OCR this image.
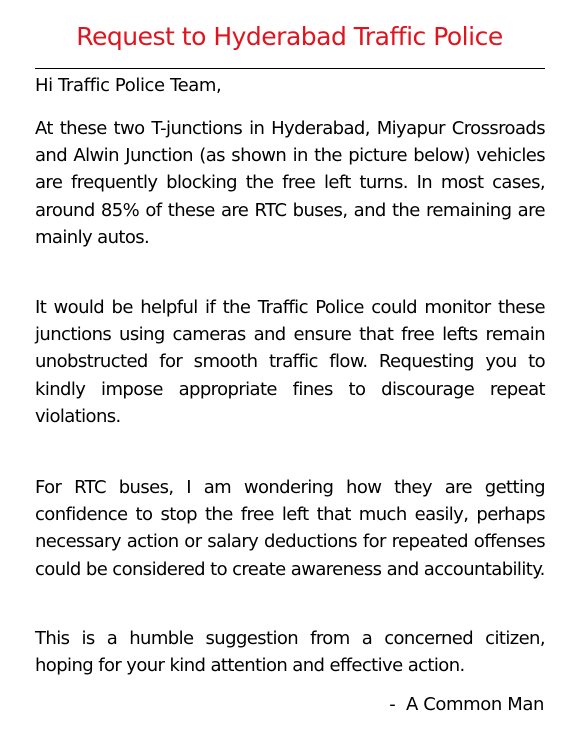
Request to Hyderabad Traffic Police
Hi Traffic Police Team,

At these two T-junctions in Hyderabad, Miyapur Crossroads and Alwin Junction (as shown in the picture below) vehicles are frequently blocking the free left turns. In most cases, around 85% of these are RTC buses, and the remaining are mainly autos.

It would be helpful if the Traffic Police could monitor these junctions using cameras and ensure that free lefts remain unobstructed for smooth traffic flow. Requesting you to kindly impose appropriate fines to discourage repeat violations.

For RTC buses, I am wondering how they are getting confidence to stop the free left that much easily, perhaps necessary action or salary deductions for repeated offenses could be considered to create awareness and accountability.

This is a humble suggestion from a concerned citizen, hoping for your kind attention and effective action.

-  A Common Man
